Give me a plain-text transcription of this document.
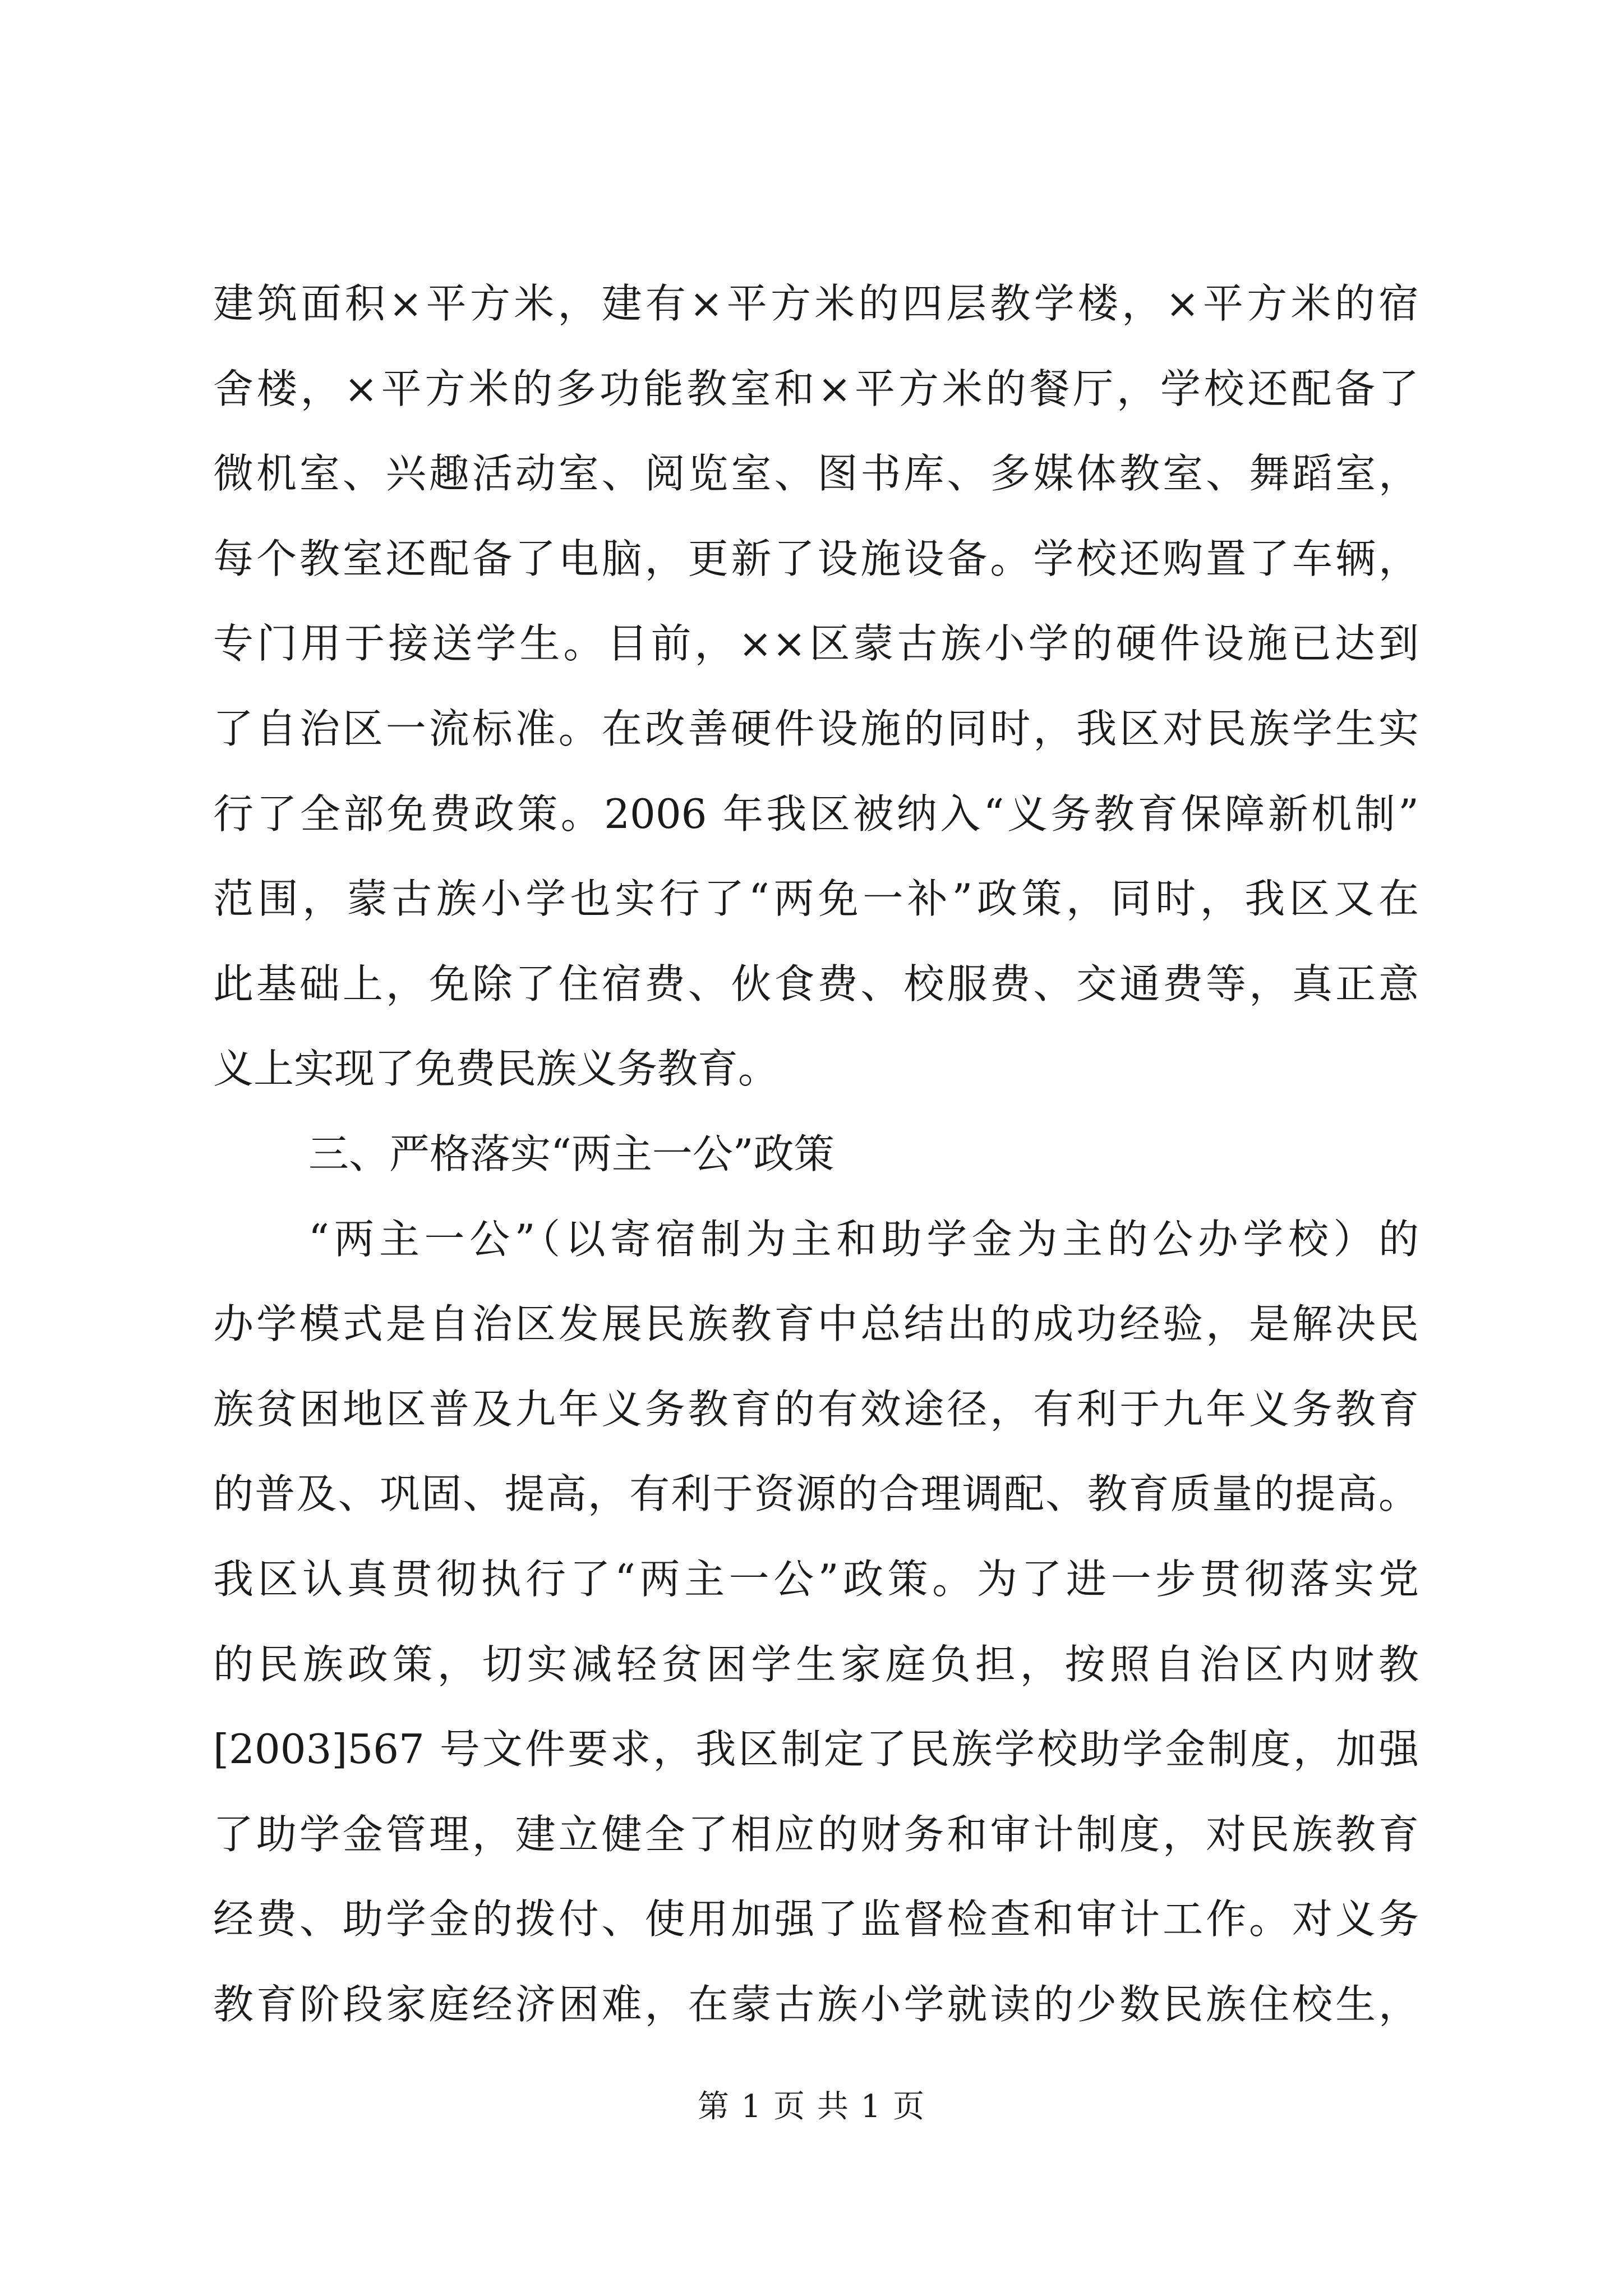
建筑面积×平方米，建有×平方米的四层教学楼，×平方米的宿
舍楼，×平方米的多功能教室和×平方米的餐厅，学校还配备了
微机室、兴趣活动室、阅览室、图书库、多媒体教室、舞蹈室，
每个教室还配备了电脑，更新了设施设备。学校还购置了车辆，
专门用于接送学生。目前，××区蒙古族小学的硬件设施已达到
了自治区一流标准。在改善硬件设施的同时，我区对民族学生实
行了全部免费政策。2006 年我区被纳入“义务教育保障新机制”
范围，蒙古族小学也实行了“两免一补”政策，同时，我区又在
此基础上，免除了住宿费、伙食费、校服费、交通费等，真正意
义上实现了免费民族义务教育。
三、严格落实“两主一公”政策
“两主一公”（以寄宿制为主和助学金为主的公办学校）的
办学模式是自治区发展民族教育中总结出的成功经验，是解决民
族贫困地区普及九年义务教育的有效途径，有利于九年义务教育
的普及、巩固、提高，有利于资源的合理调配、教育质量的提高。
我区认真贯彻执行了“两主一公”政策。为了进一步贯彻落实党
的民族政策，切实减轻贫困学生家庭负担，按照自治区内财教
[2003]567 号文件要求，我区制定了民族学校助学金制度，加强
了助学金管理，建立健全了相应的财务和审计制度，对民族教育
经费、助学金的拨付、使用加强了监督检查和审计工作。对义务
教育阶段家庭经济困难，在蒙古族小学就读的少数民族住校生，
第 1 页 共 1 页
